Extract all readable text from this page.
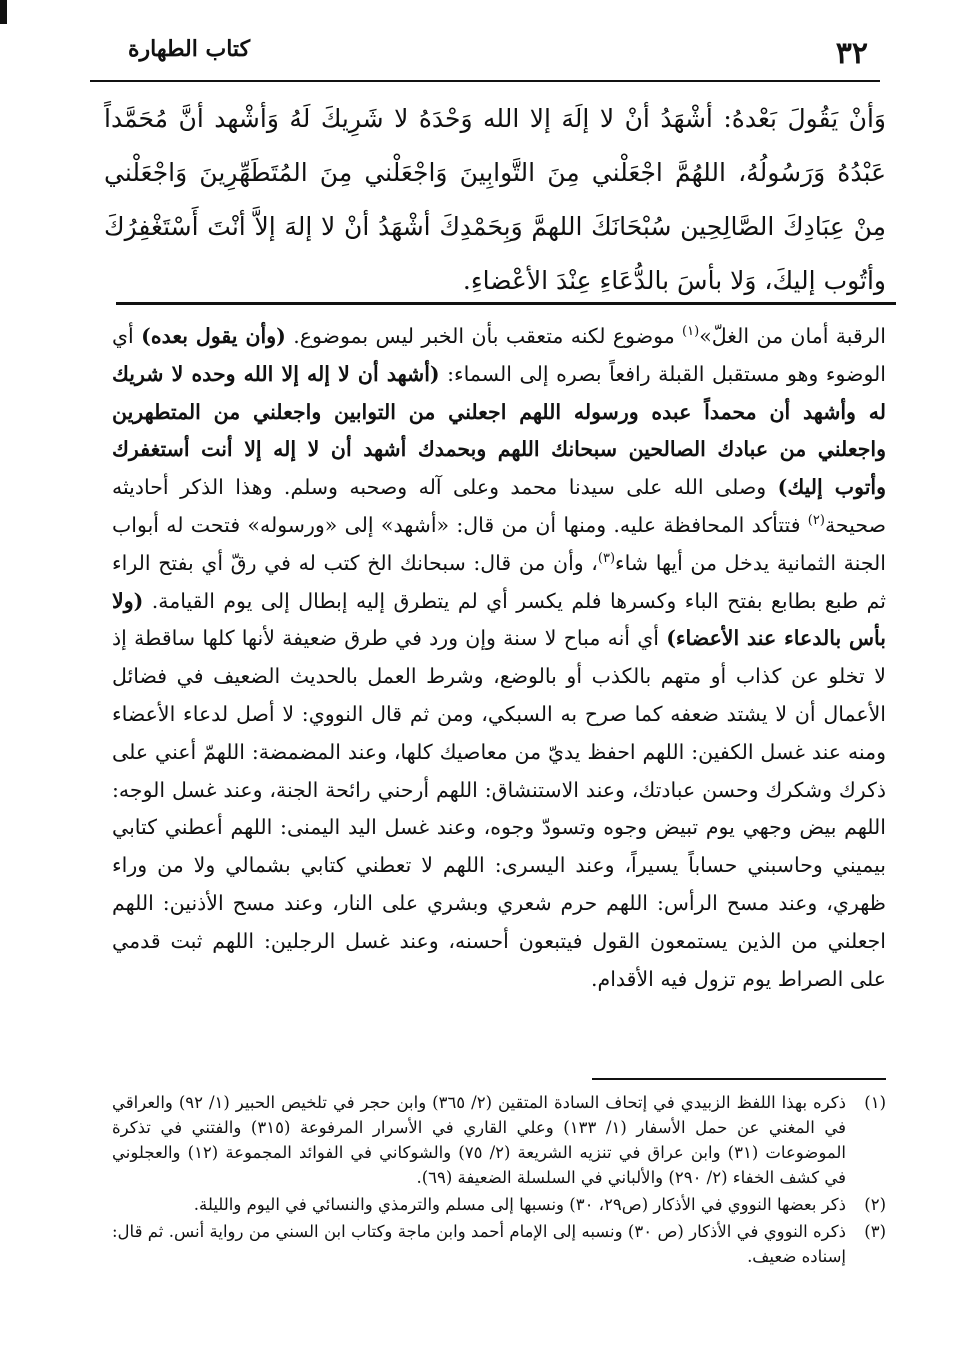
٣٢
كتاب الطهارة

وَأنْ يَقُولَ بَعْدهُ: أشْهَدُ أنْ لا إلَهَ إلا الله وَحْدَهُ لا شَرِيكَ لَهُ وَأشْهد أنَّ مُحَمَّداً عَبْدُهُ وَرَسُولُهُ، اللهُمَّ اجْعَلْني مِنَ التَّوابِينَ وَاجْعَلْني مِنَ المُتَطَهِّرِينَ وَاجْعَلْني مِنْ عِبَادِكَ الصَّالِحِين سُبْحَانَكَ اللهمَّ وَبِحَمْدِكَ أشْهَدُ أنْ لا إلهَ إلاَّ أنْتَ أَسْتَغْفِرُكَ وأتُوب إليكَ، وَلا بأسَ بالدُّعَاءِ عِنْدَ الأعْضاءِ.

الرقبة أمان من الغلّ»$^{(١)}$ موضوع لكنه متعقب بأن الخبر ليس بموضوع. (وأن يقول بعده) أي الوضوء وهو مستقبل القبلة رافعاً بصره إلى السماء: (أشهد أن لا إله إلا الله وحده لا شريك له وأشهد أن محمداً عبده ورسوله اللهم اجعلني من التوابين واجعلني من المتطهرين واجعلني من عبادك الصالحين سبحانك اللهم وبحمدك أشهد أن لا إله إلا أنت أستغفرك وأتوب إليك) وصلى الله على سيدنا محمد وعلى آله وصحبه وسلم. وهذا الذكر أحاديثه صحيحة$^{(٢)}$ فتتأكد المحافظة عليه. ومنها أن من قال: «أشهد» إلى «ورسوله» فتحت له أبواب الجنة الثمانية يدخل من أيها شاء$^{(٣)}$، وأن من قال: سبحانك الخ كتب له في رقّ أي بفتح الراء ثم طبع بطابع بفتح الباء وكسرها فلم يكسر أي لم يتطرق إليه إبطال إلى يوم القيامة. (ولا بأس بالدعاء عند الأعضاء) أي أنه مباح لا سنة وإن ورد في طرق ضعيفة لأنها كلها ساقطة إذ لا تخلو عن كذاب أو متهم بالكذب أو بالوضع، وشرط العمل بالحديث الضعيف في فضائل الأعمال أن لا يشتد ضعفه كما صرح به السبكي، ومن ثم قال النووي: لا أصل لدعاء الأعضاء ومنه عند غسل الكفين: اللهم احفظ يديّ من معاصيك كلها، وعند المضمضة: اللهمّ أعني على ذكرك وشكرك وحسن عبادتك، وعند الاستنشاق: اللهم أرحني رائحة الجنة، وعند غسل الوجه: اللهم بيض وجهي يوم تبيض وجوه وتسودّ وجوه، وعند غسل اليد اليمنى: اللهم أعطني كتابي بيميني وحاسبني حساباً يسيراً، وعند اليسرى: اللهم لا تعطني كتابي بشمالي ولا من وراء ظهري، وعند مسح الرأس: اللهم حرم شعري وبشري على النار، وعند مسح الأذنين: اللهم اجعلني من الذين يستمعون القول فيتبعون أحسنه، وعند غسل الرجلين: اللهم ثبت قدمي على الصراط يوم تزول فيه الأقدام.

(١)
ذكره بهذا اللفظ الزبيدي في إتحاف السادة المتقين (٢/ ٣٦٥) وابن حجر في تلخيص الحبير (١/ ٩٢) والعراقي في المغني عن حمل الأسفار (١/ ١٣٣) وعلي القاري في الأسرار المرفوعة (٣١٥) والفتني في تذكرة الموضوعات (٣١) وابن عراق في تنزيه الشريعة (٢/ ٧٥) والشوكاني في الفوائد المجموعة (١٢) والعجلوني في كشف الخفاء (٢/ ٢٩٠) والألباني في السلسلة الضعيفة (٦٩).
(٢)
ذكر بعضها النووي في الأذكار (ص٢٩، ٣٠) ونسبها إلى مسلم والترمذي والنسائي في اليوم والليلة.
(٣)
ذكره النووي في الأذكار (ص ٣٠) ونسبه إلى الإمام أحمد وابن ماجة وكتاب ابن السني من رواية أنس. ثم قال: إسناده ضعيف.
